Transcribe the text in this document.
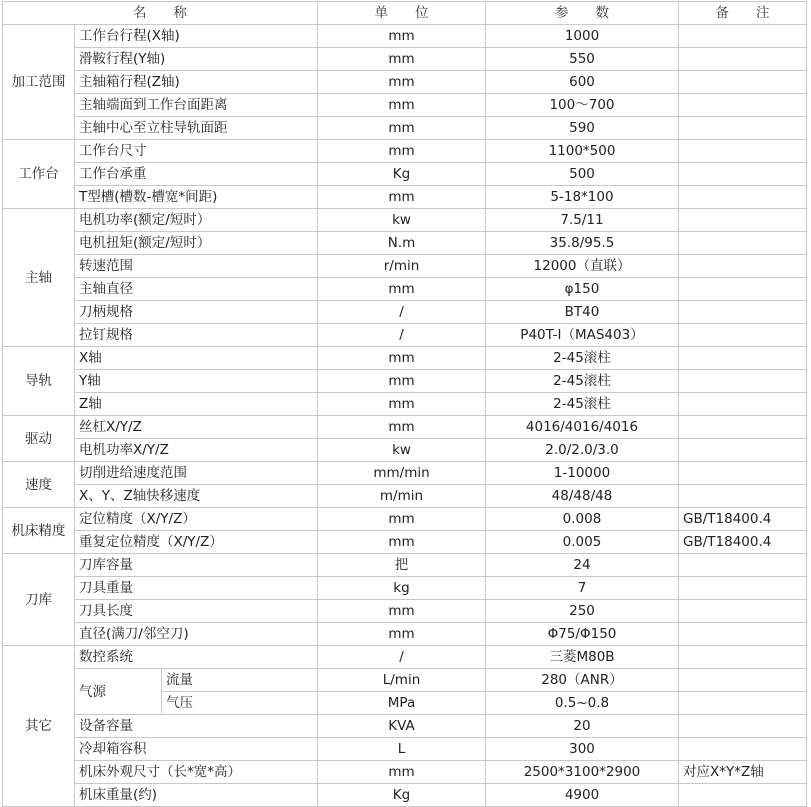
名　　称			单　　位	参　　数	备　　注
加工范围	工作台行程(X轴)		mm	1000	
	滑鞍行程(Y轴)		mm	550	
	主轴箱行程(Z轴)		mm	600	
	主轴端面到工作台面距离		mm	100～700	
	主轴中心至立柱导轨面距		mm	590	
工作台	工作台尺寸		mm	1100*500	
	工作台承重		Kg	500	
	T型槽(槽数-槽宽*间距)		mm	5-18*100	
主轴	电机功率(额定/短时）		kw	7.5/11	
	电机扭矩(额定/短时）		N.m	35.8/95.5	
	转速范围		r/min	12000（直联）	
	主轴直径		mm	φ150	
	刀柄规格		/	BT40	
	拉钉规格		/	P40T-I（MAS403）	
导轨	X轴		mm	2-45滚柱	
	Y轴		mm	2-45滚柱	
	Z轴		mm	2-45滚柱	
驱动	丝杠X/Y/Z		mm	4016/4016/4016	
	电机功率X/Y/Z		kw	2.0/2.0/3.0	
速度	切削进给速度范围		mm/min	1-10000	
	X、Y、Z轴快移速度		m/min	48/48/48	
机床精度	定位精度（X/Y/Z）		mm	0.008	GB/T18400.4
	重复定位精度（X/Y/Z）		mm	0.005	GB/T18400.4
刀库	刀库容量		把	24	
	刀具重量		kg	7	
	刀具长度		mm	250	
	直径(满刀/邻空刀)		mm	Φ75/Φ150	
其它	数控系统		/	三菱M80B	
	气源	流量	L/min	280（ANR）	
		气压	MPa	0.5~0.8	
	设备容量		KVA	20	
	冷却箱容积		L	300	
	机床外观尺寸（长*宽*高）		mm	2500*3100*2900	对应X*Y*Z轴
	机床重量(约)		Kg	4900	
